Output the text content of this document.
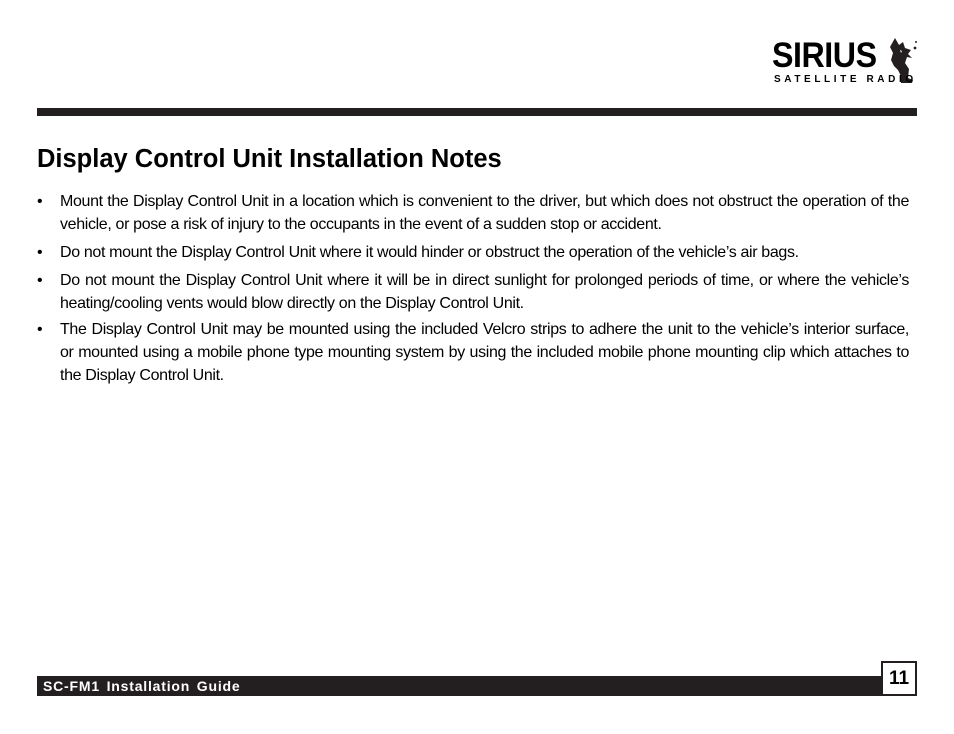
SIRIUS
SATELLITE RADIO
Display Control Unit Installation Notes
• Mount the Display Control Unit in a location which is convenient to the driver, but which does not obstruct the operation of the vehicle, or pose a risk of injury to the occupants in the event of a sudden stop or accident.
• Do not mount the Display Control Unit where it would hinder or obstruct the operation of the vehicle’s air bags.
• Do not mount the Display Control Unit where it will be in direct sunlight for prolonged periods of time, or where the vehicle’s heating/cooling vents would blow directly on the Display Control Unit.
• The Display Control Unit may be mounted using the included Velcro strips to adhere the unit to the vehicle’s interior surface, or mounted using a mobile phone type mounting system by using the included mobile phone mounting clip which attaches to the Display Control Unit.
SC-FM1 Installation Guide	11
